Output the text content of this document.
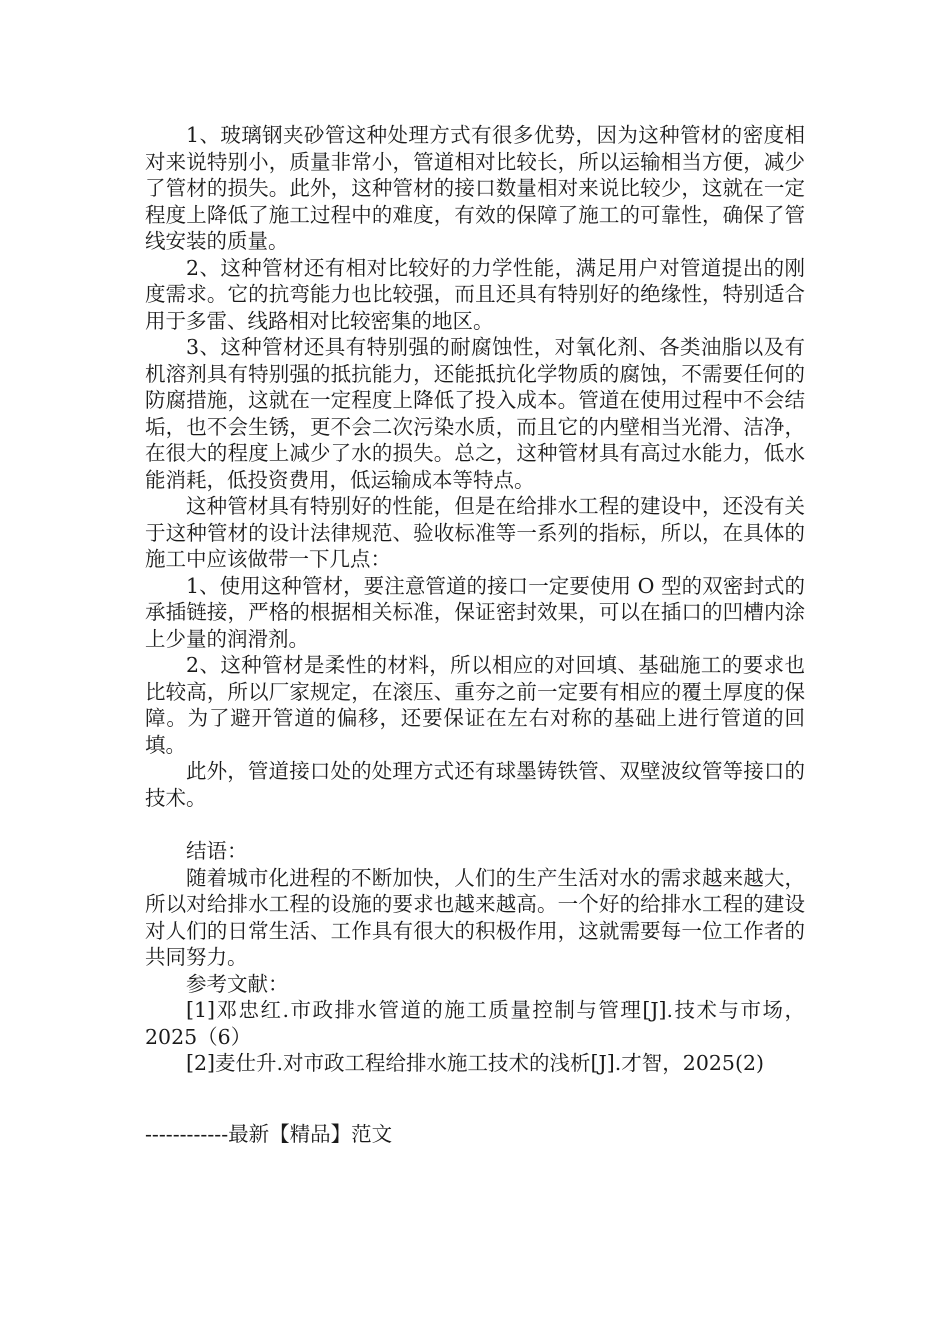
1、玻璃钢夹砂管这种处理方式有很多优势，因为这种管材的密度相对来说特别小，质量非常小，管道相对比较长，所以运输相当方便，减少了管材的损失。此外，这种管材的接口数量相对来说比较少，这就在一定程度上降低了施工过程中的难度，有效的保障了施工的可靠性，确保了管线安装的质量。

2、这种管材还有相对比较好的力学性能，满足用户对管道提出的刚度需求。它的抗弯能力也比较强，而且还具有特别好的绝缘性，特别适合用于多雷、线路相对比较密集的地区。

3、这种管材还具有特别强的耐腐蚀性，对氧化剂、各类油脂以及有机溶剂具有特别强的抵抗能力，还能抵抗化学物质的腐蚀，不需要任何的防腐措施，这就在一定程度上降低了投入成本。管道在使用过程中不会结垢，也不会生锈，更不会二次污染水质，而且它的内壁相当光滑、洁净，在很大的程度上减少了水的损失。总之，这种管材具有高过水能力，低水能消耗，低投资费用，低运输成本等特点。

这种管材具有特别好的性能，但是在给排水工程的建设中，还没有关于这种管材的设计法律规范、验收标准等一系列的指标，所以，在具体的施工中应该做带一下几点：

1、使用这种管材，要注意管道的接口一定要使用 O 型的双密封式的承插链接，严格的根据相关标准，保证密封效果，可以在插口的凹槽内涂上少量的润滑剂。

2、这种管材是柔性的材料，所以相应的对回填、基础施工的要求也比较高，所以厂家规定，在滚压、重夯之前一定要有相应的覆土厚度的保障。为了避开管道的偏移，还要保证在左右对称的基础上进行管道的回填。

此外，管道接口处的处理方式还有球墨铸铁管、双壁波纹管等接口的技术。

结语：

随着城市化进程的不断加快，人们的生产生活对水的需求越来越大，所以对给排水工程的设施的要求也越来越高。一个好的给排水工程的建设对人们的日常生活、工作具有很大的积极作用，这就需要每一位工作者的共同努力。

参考文献：

[1]邓忠红.市政排水管道的施工质量控制与管理[J].技术与市场，2025（6）

[2]麦仕升.对市政工程给排水施工技术的浅析[J].才智，2025(2)

------------最新【精品】范文
